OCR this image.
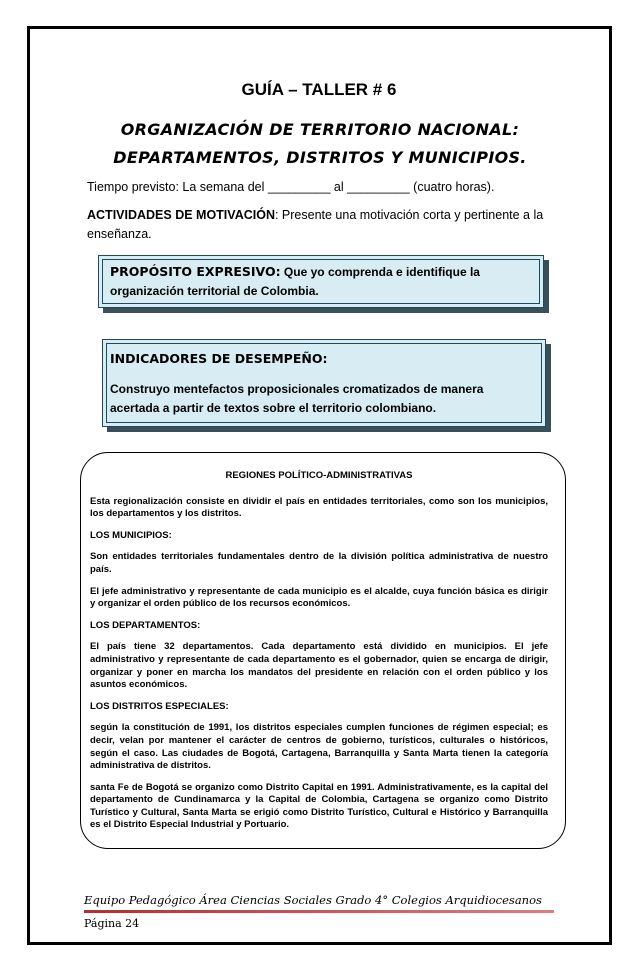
GUÍA – TALLER # 6
ORGANIZACIÓN DE TERRITORIO NACIONAL:
DEPARTAMENTOS, DISTRITOS Y MUNICIPIOS.
Tiempo previsto: La semana del _________ al _________ (cuatro horas).
ACTIVIDADES DE MOTIVACIÓN: Presente una motivación corta y pertinente a la enseñanza.
PROPÓSITO EXPRESIVO: Que yo comprenda e identifique la
organización territorial de Colombia.
INDICADORES DE DESEMPEÑO:
Construyo mentefactos proposicionales cromatizados de manera
acertada a partir de textos sobre el territorio colombiano.
REGIONES POLÍTICO-ADMINISTRATIVAS

Esta regionalización consiste en dividir el país en entidades territoriales, como son los municipios, los departamentos y los distritos.

LOS MUNICIPIOS:

Son entidades territoriales fundamentales dentro de la división política administrativa de nuestro país.

El jefe administrativo y representante de cada municipio es el alcalde, cuya función básica es dirigir y organizar el orden público de los recursos económicos.

LOS DEPARTAMENTOS:

El país tiene 32 departamentos. Cada departamento está dividido en municipios. El jefe administrativo y representante de cada departamento es el gobernador, quien se encarga de dirigir, organizar y poner en marcha los mandatos del presidente en relación con el orden público y los asuntos económicos.

LOS DISTRITOS ESPECIALES:

según la constitución de 1991, los distritos especiales cumplen funciones de régimen especial; es decir, velan por mantener el carácter de centros de gobierno, turísticos, culturales o históricos, según el caso. Las ciudades de Bogotá, Cartagena, Barranquilla y Santa Marta tienen la categoría administrativa de distritos.

santa Fe de Bogotá se organizo como Distrito Capital en 1991. Administrativamente, es la capital del departamento de Cundinamarca y la Capital de Colombia, Cartagena se organizo como Distrito Turístico y Cultural, Santa Marta se erigió como Distrito Turístico, Cultural e Histórico y Barranquilla es el Distrito Especial Industrial y Portuario.

Equipo Pedagógico Área Ciencias Sociales Grado 4° Colegios Arquidiocesanos
Página 24
